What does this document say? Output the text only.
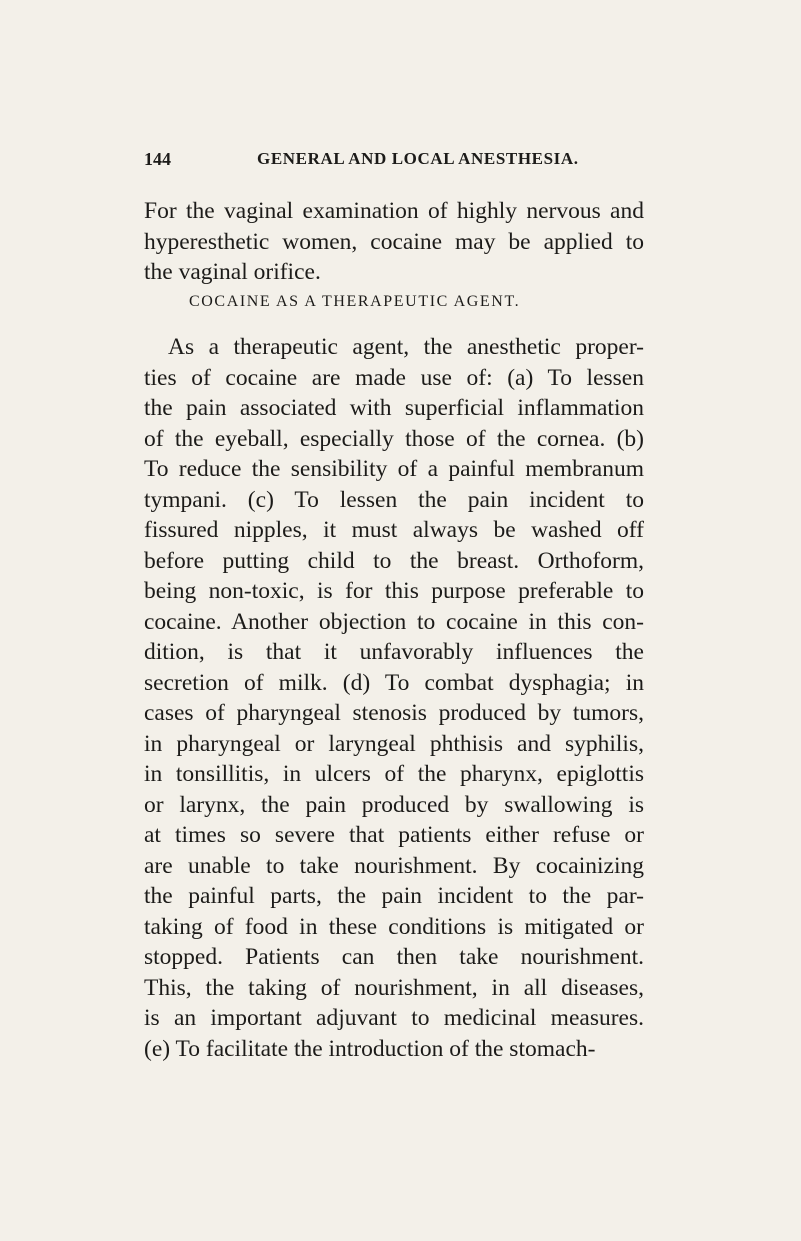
144	GENERAL AND LOCAL ANESTHESIA.
For the vaginal examination of highly nervous and
hyperesthetic women, cocaine may be applied to
the vaginal orifice.
COCAINE AS A THERAPEUTIC AGENT.
As a therapeutic agent, the anesthetic proper-
ties of cocaine are made use of: (a) To lessen
the pain associated with superficial inflammation
of the eyeball, especially those of the cornea. (b)
To reduce the sensibility of a painful membranum
tympani. (c) To lessen the pain incident to
fissured nipples, it must always be washed off
before putting child to the breast. Orthoform,
being non-toxic, is for this purpose preferable to
cocaine. Another objection to cocaine in this con-
dition, is that it unfavorably influences the
secretion of milk. (d) To combat dysphagia; in
cases of pharyngeal stenosis produced by tumors,
in pharyngeal or laryngeal phthisis and syphilis,
in tonsillitis, in ulcers of the pharynx, epiglottis
or larynx, the pain produced by swallowing is
at times so severe that patients either refuse or
are unable to take nourishment. By cocainizing
the painful parts, the pain incident to the par-
taking of food in these conditions is mitigated or
stopped. Patients can then take nourishment.
This, the taking of nourishment, in all diseases,
is an important adjuvant to medicinal measures.
(e) To facilitate the introduction of the stomach-
